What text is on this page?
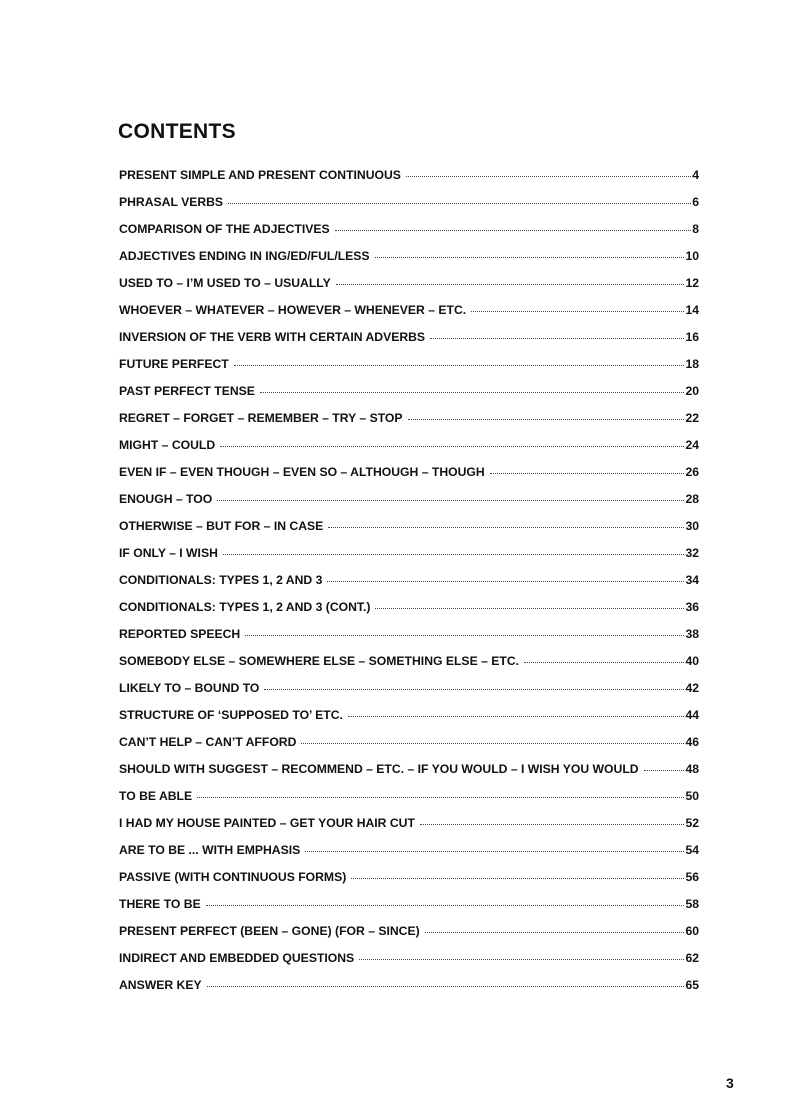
CONTENTS
PRESENT SIMPLE AND PRESENT CONTINUOUS	4
PHRASAL VERBS	6
COMPARISON OF THE ADJECTIVES	8
ADJECTIVES ENDING IN ING/ED/FUL/LESS	10
USED TO – I’M USED TO – USUALLY	12
WHOEVER – WHATEVER – HOWEVER – WHENEVER – ETC.	14
INVERSION OF THE VERB WITH CERTAIN ADVERBS	16
FUTURE PERFECT	18
PAST PERFECT TENSE	20
REGRET – FORGET – REMEMBER – TRY – STOP	22
MIGHT – COULD	24
EVEN IF – EVEN THOUGH – EVEN SO – ALTHOUGH – THOUGH	26
ENOUGH – TOO	28
OTHERWISE – BUT FOR – IN CASE	30
IF ONLY – I WISH	32
CONDITIONALS: TYPES 1, 2 AND 3	34
CONDITIONALS: TYPES 1, 2 AND 3 (CONT.)	36
REPORTED SPEECH	38
SOMEBODY ELSE – SOMEWHERE ELSE – SOMETHING ELSE – ETC.	40
LIKELY TO – BOUND TO	42
STRUCTURE OF ‘SUPPOSED TO’ ETC.	44
CAN’T HELP – CAN’T AFFORD	46
SHOULD WITH SUGGEST – RECOMMEND – ETC. – IF YOU WOULD – I WISH YOU WOULD	48
TO BE ABLE	50
I HAD MY HOUSE PAINTED – GET YOUR HAIR CUT	52
ARE TO BE ... WITH EMPHASIS	54
PASSIVE (WITH CONTINUOUS FORMS)	56
THERE TO BE	58
PRESENT PERFECT (BEEN – GONE) (FOR – SINCE)	60
INDIRECT AND EMBEDDED QUESTIONS	62
ANSWER KEY	65
3
